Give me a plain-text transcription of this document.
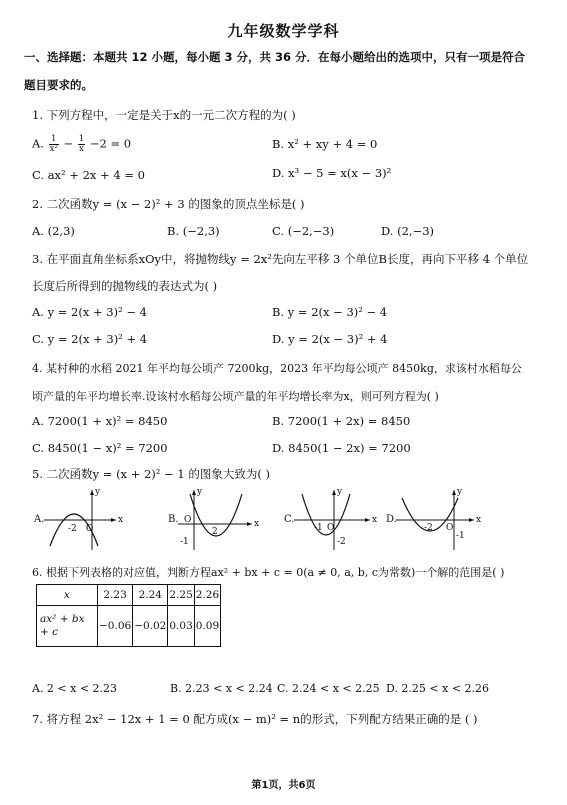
九年级数学学科
一、选择题：本题共 12 小题，每小题 3 分，共 36 分．在每小题给出的选项中，只有一项是符合
题目要求的。
1. 下列方程中，一定是关于x的一元二次方程的为( )
A. $\frac{1}{\text{x²}} - \frac{1}{x} -2 = 0$	B. x² + xy + 4 = 0
C. ax² + 2x + 4 = 0	D. x³ − 5 = x(x − 3)²
2. 二次函数y = (x − 2)² + 3 的图象的顶点坐标是( )
A. (2,3)	B. (−2,3)	C. (−2,−3)	D. (2,−3)
3. 在平面直角坐标系xOy中，将抛物线y = 2x²先向左平移 3 个单位B长度，再向下平移 4 个单位
长度后所得到的抛物线的表达式为( )
A. y = 2(x + 3)² − 4	B. y = 2(x − 3)² − 4
C. y = 2(x + 3)² + 4	D. y = 2(x − 3)² + 4
4. 某村种的水稻 2021 年平均每公顷产 7200kg，2023 年平均每公顷产 8450kg，求该村水稻每公
顷产量的年平均增长率.设该村水稻每公顷产量的年平均增长率为x，则可列方程为( )
A. 7200(1 + x)² = 8450	B. 7200(1 + 2x) = 8450
C. 8450(1 − x)² = 7200	D. 8450(1 − 2x) = 7200
5. 二次函数y = (x + 2)² − 1 的图象大致为( )
A.	x
y
-2 O
B.	x
y
O
2
-1
C.	x
y
-1 O
-2
D.	x
y
-2 O
-1
6. 根据下列表格的对应值，判断方程ax² + bx + c = 0(a ≠ 0, a, b, c为常数)一个解的范围是( )
x	2.23	2.24	2.25	2.26

ax² + bx
+ c	−0.06	−0.02	0.03	0.09
A. 2 < x < 2.23	B. 2.23 < x < 2.24 C. 2.24 < x < 2.25 D. 2.25 < x < 2.26
7. 将方程 2x² − 12x + 1 = 0 配方成(x − m)² = n的形式，下列配方结果正确的是 ( )
第1页，共6页
